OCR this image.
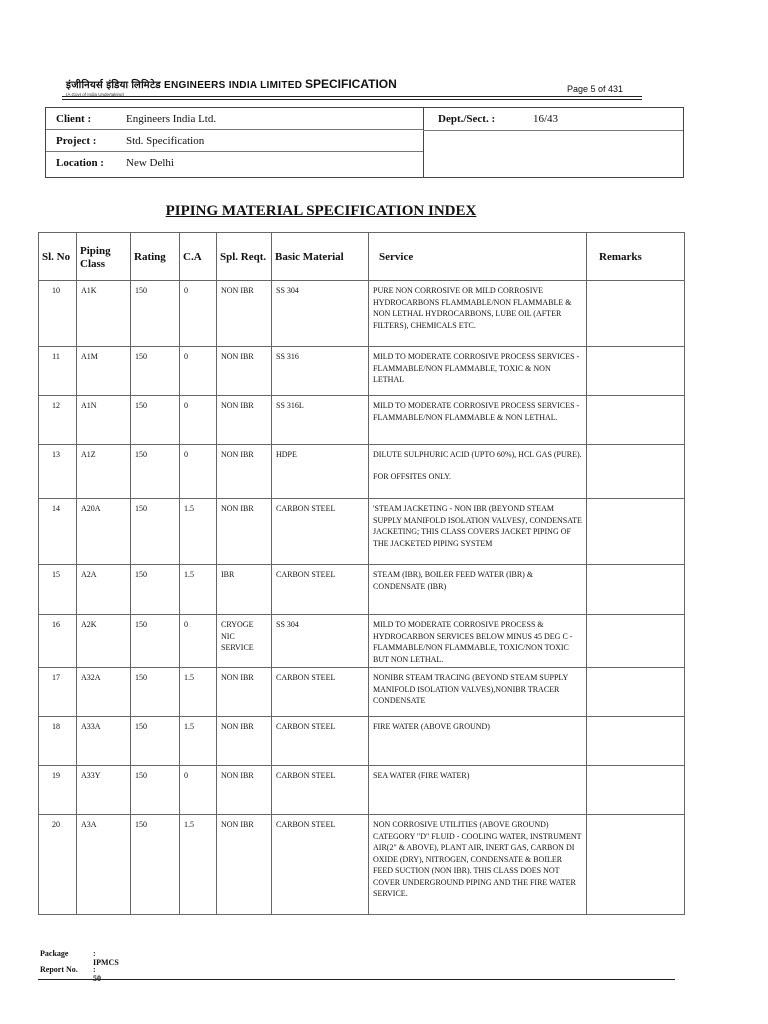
इंजीनियर्स इंडिया लिमिटेड ENGINEERS INDIA LIMITED
(A Govt of India Undertaking)
SPECIFICATION	Page 5 of 431
Client :	Engineers India Ltd.
Project :	Std. Specification
Location : New Delhi
Dept./Sect. :	16/43
PIPING MATERIAL SPECIFICATION INDEX
Sl. No	Piping Class	Rating	C.A	Spl. Reqt.	Basic Material	Service	Remarks
10	A1K	150	0	NON IBR	SS 304	PURE NON CORROSIVE OR MILD CORROSIVE HYDROCARBONS FLAMMABLE/NON FLAMMABLE & NON LETHAL HYDROCARBONS, LUBE OIL (AFTER FILTERS), CHEMICALS ETC.	
11	A1M	150	0	NON IBR	SS 316	MILD TO MODERATE CORROSIVE PROCESS SERVICES - FLAMMABLE/NON FLAMMABLE, TOXIC & NON LETHAL	
12	A1N	150	0	NON IBR	SS 316L	MILD TO MODERATE CORROSIVE PROCESS SERVICES - FLAMMABLE/NON FLAMMABLE & NON LETHAL.	
13	A1Z	150	0	NON IBR	HDPE	DILUTE SULPHURIC ACID (UPTO 60%), HCL GAS (PURE).
FOR OFFSITES ONLY.	

14	A20A	150	1.5	NON IBR	CARBON STEEL	'STEAM JACKETING - NON IBR (BEYOND STEAM SUPPLY MANIFOLD ISOLATION VALVES)', CONDENSATE JACKETING; THIS CLASS COVERS JACKET PIPING OF THE JACKETED PIPING SYSTEM	
15	A2A	150	1.5	IBR	CARBON STEEL	STEAM (IBR), BOILER FEED WATER (IBR) & CONDENSATE (IBR)	
16	A2K	150	0	CRYOGE NIC SERVICE	SS 304	MILD TO MODERATE CORROSIVE PROCESS & HYDROCARBON SERVICES BELOW MINUS 45 DEG C - FLAMMABLE/NON FLAMMABLE, TOXIC/NON TOXIC BUT NON LETHAL.	
17	A32A	150	1.5	NON IBR	CARBON STEEL	NONIBR STEAM TRACING (BEYOND STEAM SUPPLY MANIFOLD ISOLATION VALVES),NONIBR TRACER CONDENSATE	
18	A33A	150	1.5	NON IBR	CARBON STEEL	FIRE WATER (ABOVE GROUND)	
19	A33Y	150	0	NON IBR	CARBON STEEL	SEA WATER (FIRE WATER)	
20	A3A	150	1.5	NON IBR	CARBON STEEL	NON CORROSIVE UTILITIES (ABOVE GROUND) CATEGORY "D" FLUID - COOLING WATER, INSTRUMENT AIR(2" & ABOVE), PLANT AIR, INERT GAS, CARBON DI OXIDE (DRY), NITROGEN, CONDENSATE & BOILER FEED SUCTION (NON IBR). THIS CLASS DOES NOT COVER UNDERGROUND PIPING AND THE FIRE WATER SERVICE.	
Package	: IPMCS
Report No. : 50
